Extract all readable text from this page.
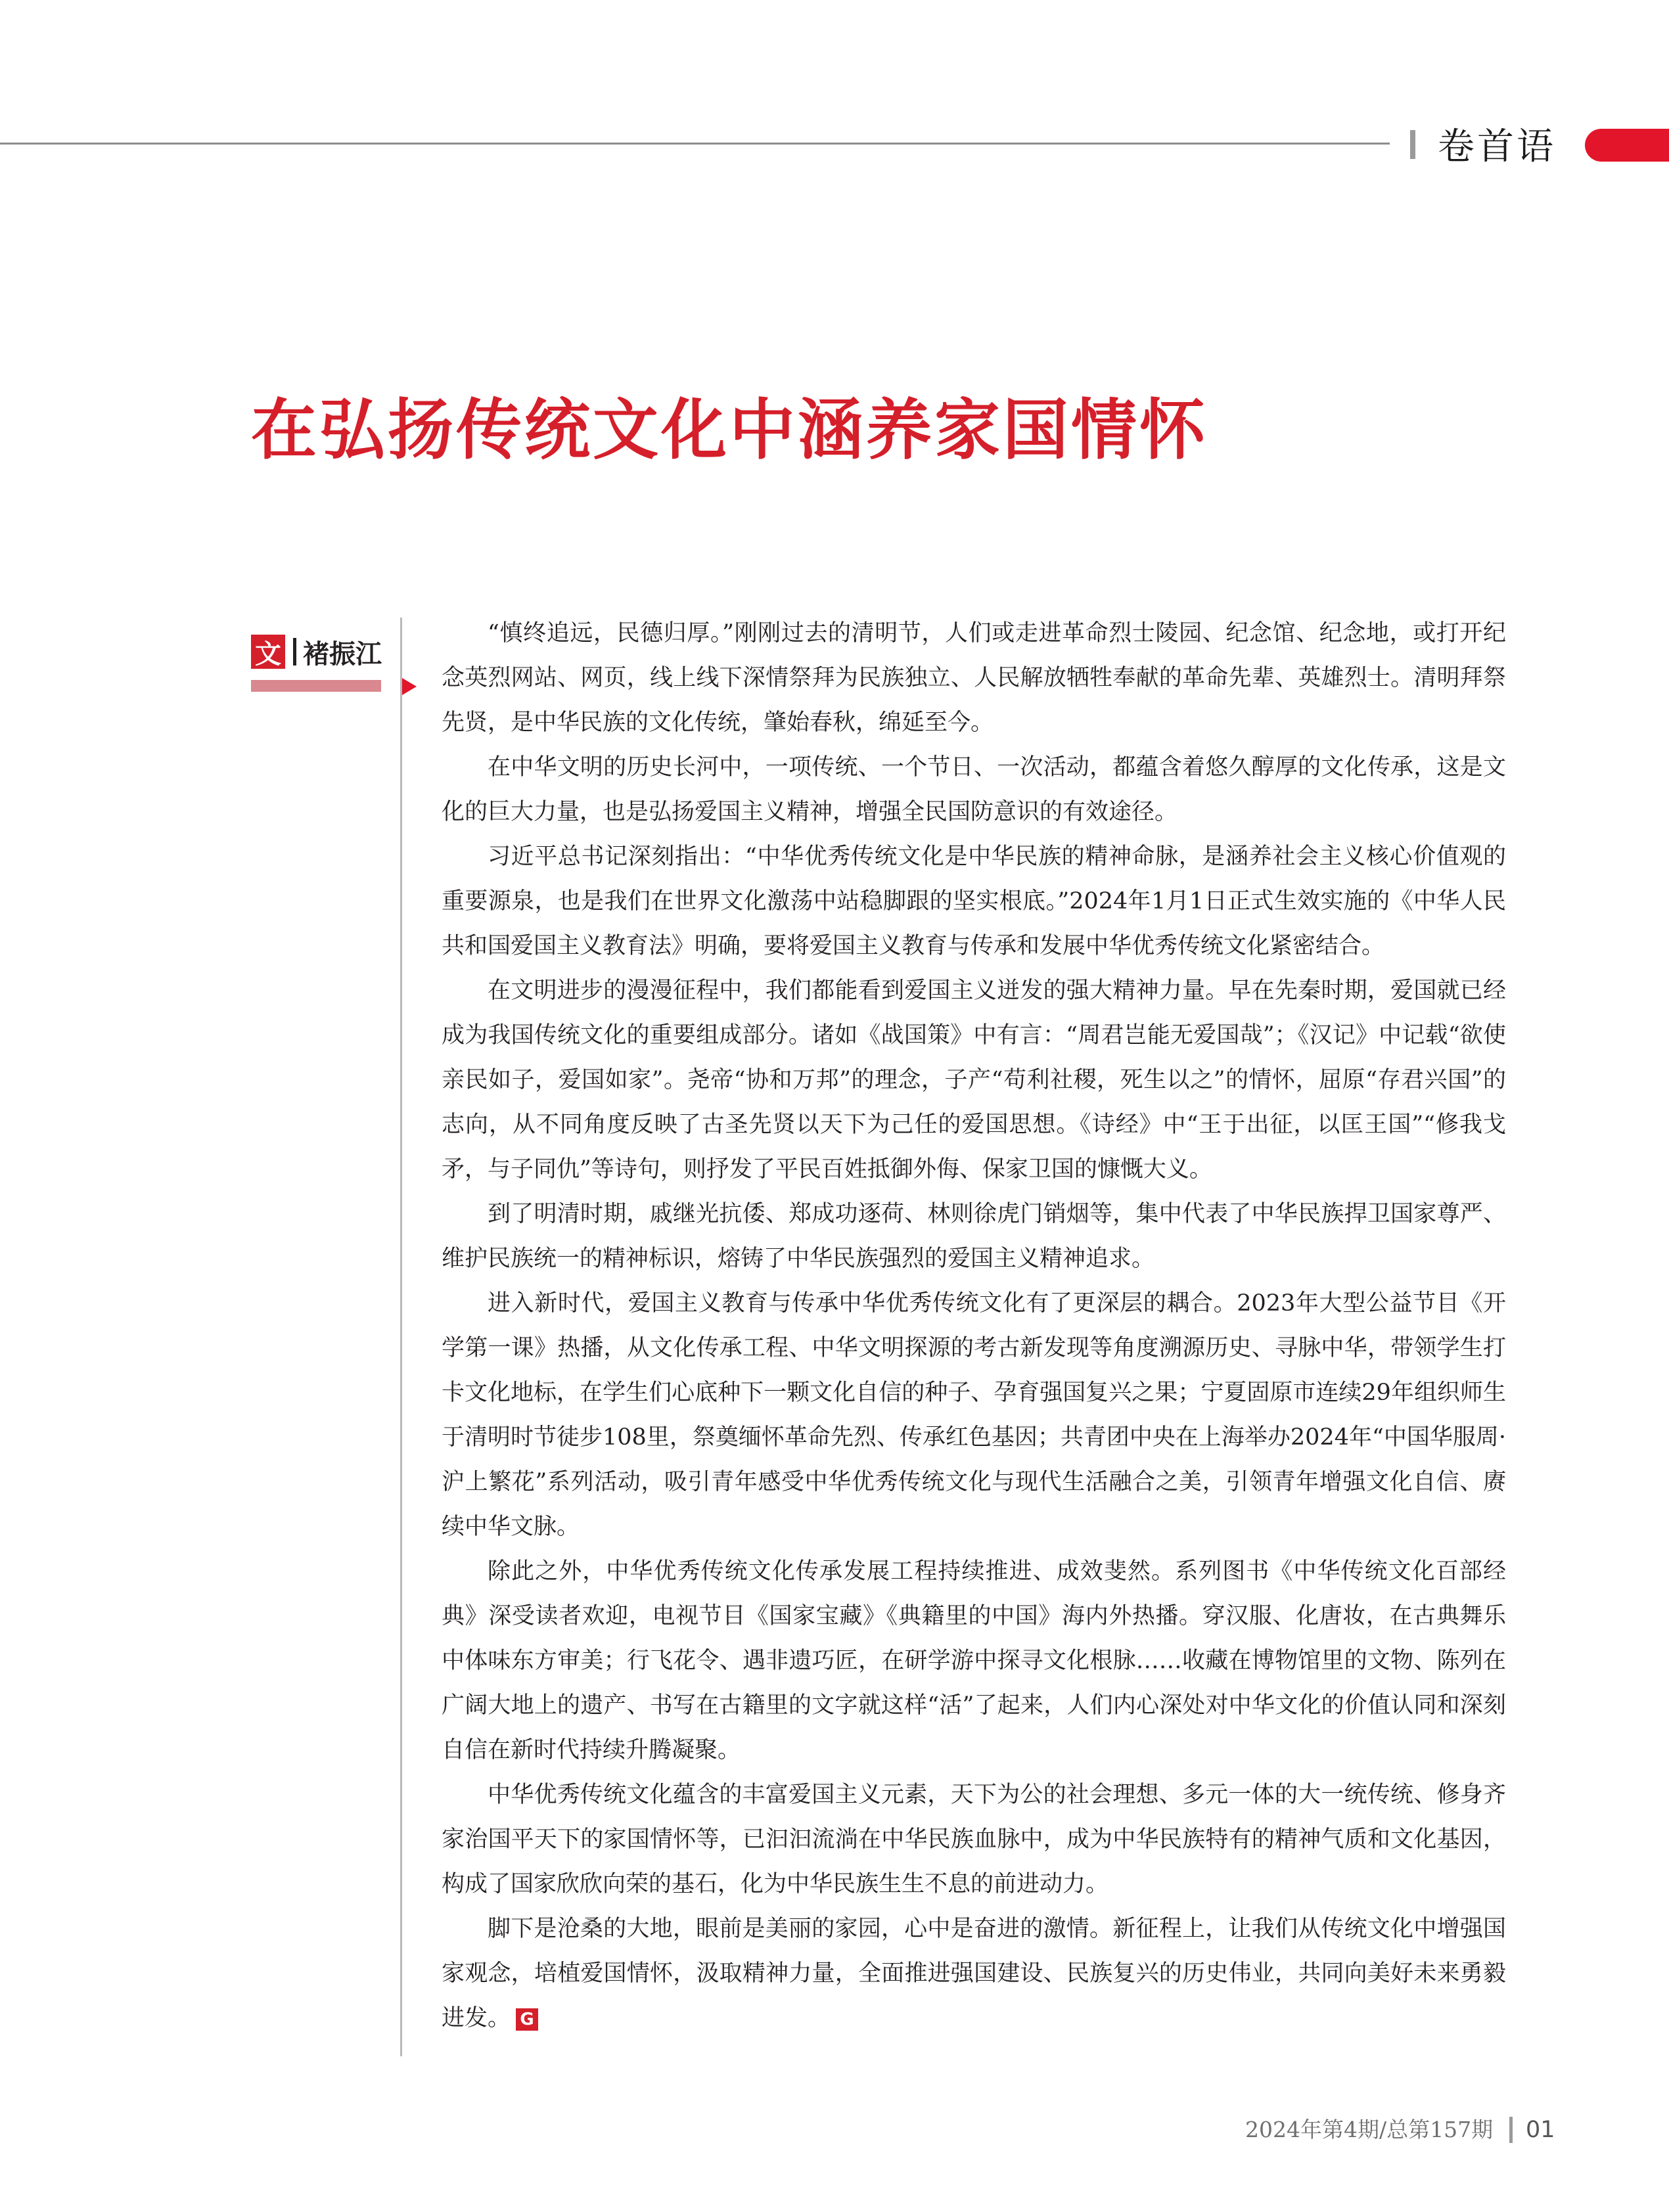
卷首语
在弘扬传统文化中涵养家国情怀
文 褚振江

“慎终追远，民德归厚。”刚刚过去的清明节，人们或走进革命烈士陵园、纪念馆、纪念地，或打开纪念英烈网站、网页，线上线下深情祭拜为民族独立、人民解放牺牲奉献的革命先辈、英雄烈士。清明拜祭先贤，是中华民族的文化传统，肇始春秋，绵延至今。

在中华文明的历史长河中，一项传统、一个节日、一次活动，都蕴含着悠久醇厚的文化传承，这是文化的巨大力量，也是弘扬爱国主义精神，增强全民国防意识的有效途径。

习近平总书记深刻指出：“中华优秀传统文化是中华民族的精神命脉，是涵养社会主义核心价值观的重要源泉，也是我们在世界文化激荡中站稳脚跟的坚实根底。”2024年1月1日正式生效实施的《中华人民共和国爱国主义教育法》明确，要将爱国主义教育与传承和发展中华优秀传统文化紧密结合。

在文明进步的漫漫征程中，我们都能看到爱国主义迸发的强大精神力量。早在先秦时期，爱国就已经成为我国传统文化的重要组成部分。诸如《战国策》中有言：“周君岂能无爱国哉”；《汉记》中记载“欲使亲民如子，爱国如家”。尧帝“协和万邦”的理念，子产“苟利社稷，死生以之”的情怀，屈原“存君兴国”的志向，从不同角度反映了古圣先贤以天下为己任的爱国思想。《诗经》中“王于出征，以匡王国”“修我戈矛，与子同仇”等诗句，则抒发了平民百姓抵御外侮、保家卫国的慷慨大义。

到了明清时期，戚继光抗倭、郑成功逐荷、林则徐虎门销烟等，集中代表了中华民族捍卫国家尊严、维护民族统一的精神标识，熔铸了中华民族强烈的爱国主义精神追求。

进入新时代，爱国主义教育与传承中华优秀传统文化有了更深层的耦合。2023年大型公益节目《开学第一课》热播，从文化传承工程、中华文明探源的考古新发现等角度溯源历史、寻脉中华，带领学生打卡文化地标，在学生们心底种下一颗文化自信的种子、孕育强国复兴之果；宁夏固原市连续29年组织师生于清明时节徒步108里，祭奠缅怀革命先烈、传承红色基因；共青团中央在上海举办2024年“中国华服周·沪上繁花”系列活动，吸引青年感受中华优秀传统文化与现代生活融合之美，引领青年增强文化自信、赓续中华文脉。

除此之外，中华优秀传统文化传承发展工程持续推进、成效斐然。系列图书《中华传统文化百部经典》深受读者欢迎，电视节目《国家宝藏》《典籍里的中国》海内外热播。穿汉服、化唐妆，在古典舞乐中体味东方审美；行飞花令、遇非遗巧匠，在研学游中探寻文化根脉……收藏在博物馆里的文物、陈列在广阔大地上的遗产、书写在古籍里的文字就这样“活”了起来，人们内心深处对中华文化的价值认同和深刻自信在新时代持续升腾凝聚。

中华优秀传统文化蕴含的丰富爱国主义元素，天下为公的社会理想、多元一体的大一统传统、修身齐家治国平天下的家国情怀等，已汩汩流淌在中华民族血脉中，成为中华民族特有的精神气质和文化基因，构成了国家欣欣向荣的基石，化为中华民族生生不息的前进动力。

脚下是沧桑的大地，眼前是美丽的家园，心中是奋进的激情。新征程上，让我们从传统文化中增强国家观念，培植爱国情怀，汲取精神力量，全面推进强国建设、民族复兴的历史伟业，共同向美好未来勇毅进发。 G

2024年第4期/总第157期 01
